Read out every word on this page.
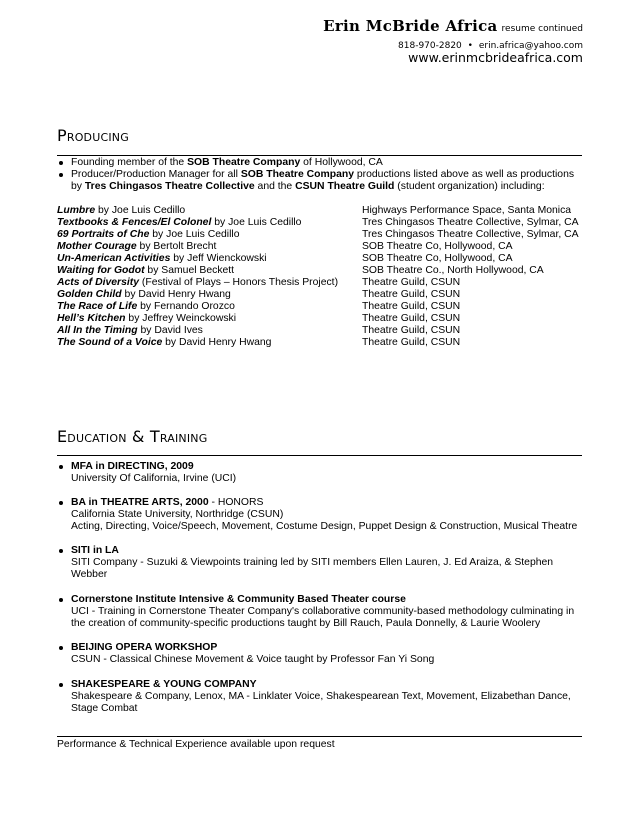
Erin McBride Africa resume continued
818-970-2820 • erin.africa@yahoo.com
www.erinmcbrideafrica.com
Producing
Founding member of the SOB Theatre Company of Hollywood, CA
Producer/Production Manager for all SOB Theatre Company productions listed above as well as productions
by Tres Chingasos Theatre Collective and the CSUN Theatre Guild (student organization) including:
Lumbre by Joe Luis Cedillo
Textbooks & Fences/El Colonel by Joe Luis Cedillo
69 Portraits of Che by Joe Luis Cedillo
Mother Courage by Bertolt Brecht
Un-American Activities by Jeff Wienckowski
Waiting for Godot by Samuel Beckett
Acts of Diversity (Festival of Plays – Honors Thesis Project)
Golden Child by David Henry Hwang
The Race of Life by Fernando Orozco
Hell’s Kitchen by Jeffrey Weinckowski
All In the Timing by David Ives
The Sound of a Voice by David Henry Hwang
Highways Performance Space, Santa Monica
Tres Chingasos Theatre Collective, Sylmar, CA
Tres Chingasos Theatre Collective, Sylmar, CA
SOB Theatre Co, Hollywood, CA
SOB Theatre Co, Hollywood, CA
SOB Theatre Co., North Hollywood, CA
Theatre Guild, CSUN
Theatre Guild, CSUN
Theatre Guild, CSUN
Theatre Guild, CSUN
Theatre Guild, CSUN
Theatre Guild, CSUN
Education & Training
MFA in DIRECTING, 2009
University Of California, Irvine (UCI)
BA in THEATRE ARTS, 2000 - HONORS
California State University, Northridge (CSUN)
Acting, Directing, Voice/Speech, Movement, Costume Design, Puppet Design & Construction, Musical Theatre
SITI in LA
SITI Company - Suzuki & Viewpoints training led by SITI members Ellen Lauren, J. Ed Araiza, & Stephen
Webber
Cornerstone Institute Intensive & Community Based Theater course
UCI - Training in Cornerstone Theater Company's collaborative community-based methodology culminating in
the creation of community-specific productions taught by Bill Rauch, Paula Donnelly, & Laurie Woolery
BEIJING OPERA WORKSHOP
CSUN - Classical Chinese Movement & Voice taught by Professor Fan Yi Song
SHAKESPEARE & YOUNG COMPANY
Shakespeare & Company, Lenox, MA - Linklater Voice, Shakespearean Text, Movement, Elizabethan Dance,
Stage Combat
Performance & Technical Experience available upon request
